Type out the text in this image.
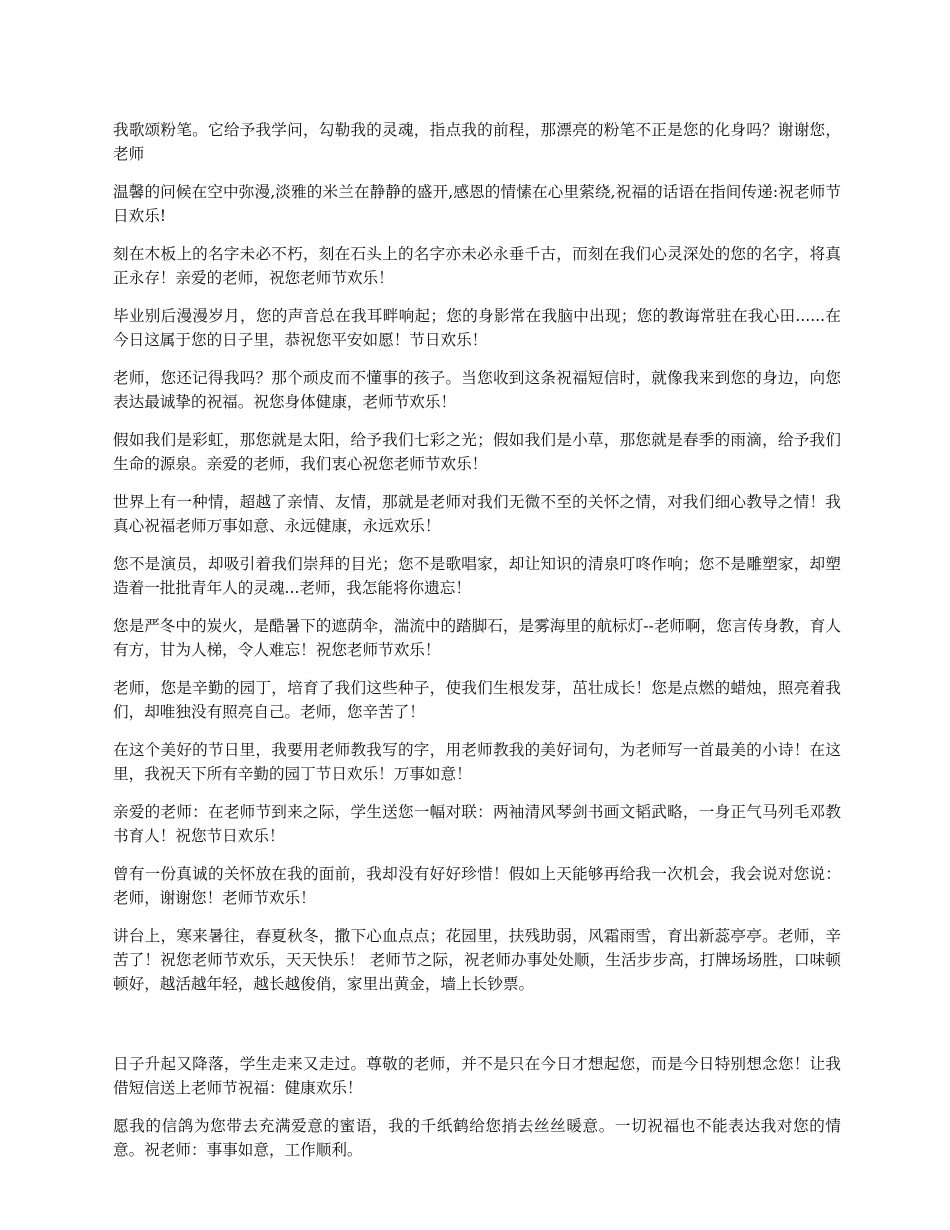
我歌颂粉笔。它给予我学问，勾勒我的灵魂，指点我的前程，那漂亮的粉笔不正是您的化身吗？谢谢您，老师

温馨的问候在空中弥漫,淡雅的米兰在静静的盛开,感恩的情愫在心里萦绕,祝福的话语在指间传递:祝老师节日欢乐!

刻在木板上的名字未必不朽，刻在石头上的名字亦未必永垂千古，而刻在我们心灵深处的您的名字，将真正永存！亲爱的老师，祝您老师节欢乐！

毕业别后漫漫岁月，您的声音总在我耳畔响起；您的身影常在我脑中出现；您的教诲常驻在我心田......在今日这属于您的日子里，恭祝您平安如愿！节日欢乐！

老师，您还记得我吗？那个顽皮而不懂事的孩子。当您收到这条祝福短信时，就像我来到您的身边，向您表达最诚挚的祝福。祝您身体健康，老师节欢乐！

假如我们是彩虹，那您就是太阳，给予我们七彩之光；假如我们是小草，那您就是春季的雨滴，给予我们生命的源泉。亲爱的老师，我们衷心祝您老师节欢乐！

世界上有一种情，超越了亲情、友情，那就是老师对我们无微不至的关怀之情，对我们细心教导之情！我真心祝福老师万事如意、永远健康，永远欢乐！

您不是演员，却吸引着我们崇拜的目光；您不是歌唱家，却让知识的清泉叮咚作响；您不是雕塑家，却塑造着一批批青年人的灵魂...老师，我怎能将你遗忘！

您是严冬中的炭火，是酷暑下的遮荫伞，湍流中的踏脚石，是雾海里的航标灯--老师啊，您言传身教，育人有方，甘为人梯，令人难忘！祝您老师节欢乐！

老师，您是辛勤的园丁，培育了我们这些种子，使我们生根发芽，茁壮成长！您是点燃的蜡烛，照亮着我们，却唯独没有照亮自己。老师，您辛苦了！

在这个美好的节日里，我要用老师教我写的字，用老师教我的美好词句，为老师写一首最美的小诗！在这里，我祝天下所有辛勤的园丁节日欢乐！万事如意！

亲爱的老师：在老师节到来之际，学生送您一幅对联：两袖清风琴剑书画文韬武略，一身正气马列毛邓教书育人！祝您节日欢乐！

曾有一份真诚的关怀放在我的面前，我却没有好好珍惜！假如上天能够再给我一次机会，我会说对您说：老师，谢谢您！老师节欢乐！

讲台上，寒来暑往，春夏秋冬，撒下心血点点；花园里，扶残助弱，风霜雨雪，育出新蕊亭亭。老师，辛苦了！祝您老师节欢乐，天天快乐！ 老师节之际，祝老师办事处处顺，生活步步高，打牌场场胜，口味顿顿好，越活越年轻，越长越俊俏，家里出黄金，墙上长钞票。

日子升起又降落，学生走来又走过。尊敬的老师，并不是只在今日才想起您，而是今日特别想念您！让我借短信送上老师节祝福：健康欢乐！

愿我的信鸽为您带去充满爱意的蜜语，我的千纸鹤给您捎去丝丝暖意。一切祝福也不能表达我对您的情意。祝老师：事事如意，工作顺利。
